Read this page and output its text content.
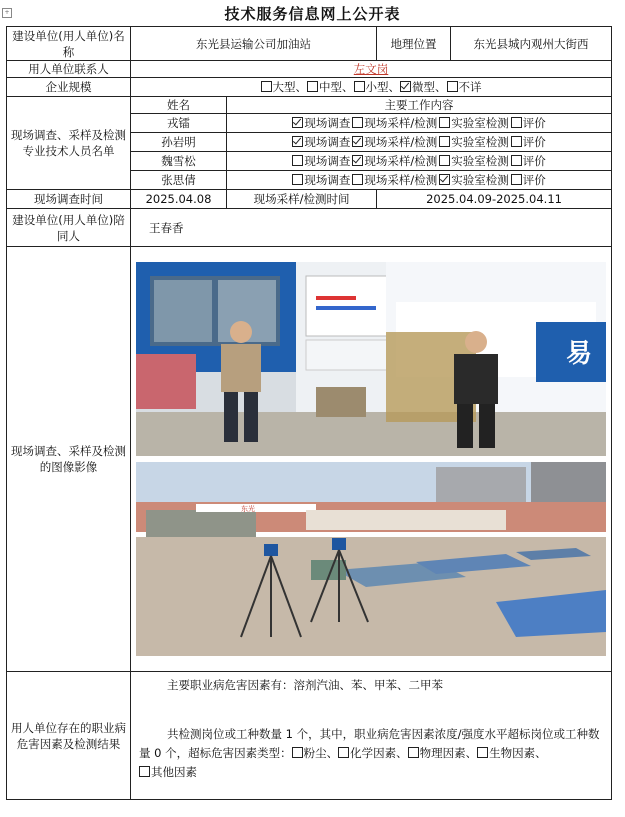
+	技术服务信息网上公开表
建设单位(用人单位)名称	东光县运输公司加油站		地理位置	东光县城内观州大街西
用人单位联系人	左文岗			
企业规模	大型、 中型、 小型、 微型、 不详			
现场调查、采样及检测专业技术人员名单	姓名	主要工作内容		
	戎镭	现场调查 现场采样/检测 实验室检测 评价		
	孙岩明	现场调查 现场采样/检测 实验室检测 评价		
	魏雪松	现场调查 现场采样/检测 实验室检测 评价		
	张思倩	现场调查 现场采样/检测 实验室检测 评价		
现场调查时间	2025.04.08	现场采样/检测时间	2025.04.09-2025.04.11	
建设单位(用人单位)陪同人	王春香			
现场调查、采样及检测的图像影像	易
东光			

用人单位存在的职业病危害因素及检测结果	主要职业病危害因素有：溶剂汽油、苯、甲苯、二甲苯

共检测岗位或工种数量 1 个，其中，职业病危害因素浓度/强度水平超标岗位或工种数量 0 个，超标危害因素类型： 粉尘、 化学因素、 物理因素、 生物因素、其他因素			
